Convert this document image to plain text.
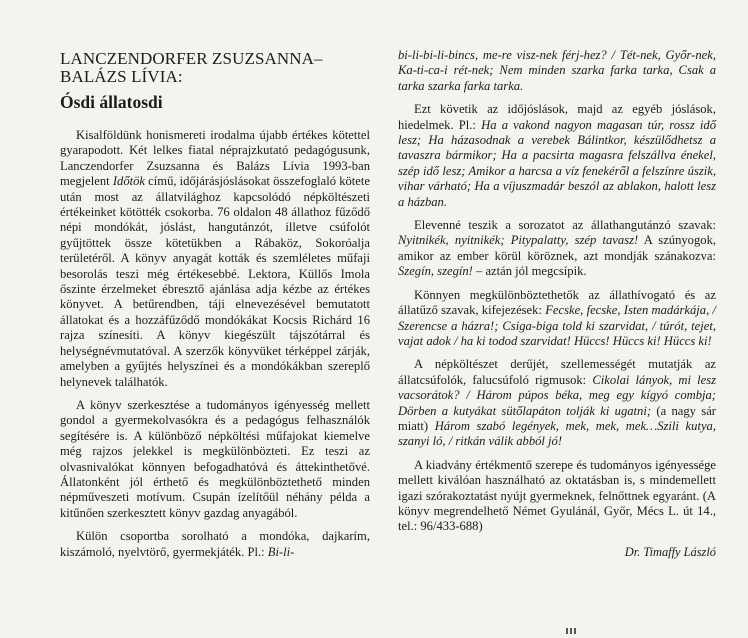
LANCZENDORFER ZSUZSANNA–
BALÁZS LÍVIA:
Ósdi állatosdi

Kisalföldünk honismereti irodalma újabb értékes kötettel gyarapodott. Két lelkes fiatal néprajzkutató pedagógusunk, Lanczendorfer Zsuzsanna és Balázs Lívia 1993-ban megjelent Időtök című, időjárásjóslásokat összefoglaló kötete után most az állatvilághoz kapcsolódó népköltészeti értékeinket kötötték csokorba. 76 oldalon 48 állathoz fűződő népi mondókát, jóslást, hangutánzót, illetve csúfolót gyűjtöttek össze kötetükben a Rábaköz, Sokoróalja területéről. A könyv anyagát kották és szemléletes műfaji besorolás teszi még értékesebbé. Lektora, Küllős Imola őszinte érzelmeket ébresztő ajánlása adja kézbe az értékes könyvet. A betűrendben, táji elnevezésével bemutatott állatokat és a hozzáfűződő mondókákat Kocsis Richárd 16 rajza színesíti. A könyv kiegészült tájszótárral és helységnévmutatóval. A szerzők könyvüket térképpel zárják, amelyben a gyűjtés helyszínei és a mondókákban szereplő helynevek találhatók.

A könyv szerkesztése a tudományos igényesség mellett gondol a gyermekolvasókra és a pedagógus felhasználók segítésére is. A különböző népköltési műfajokat kiemelve még rajzos jelekkel is megkülönbözteti. Ez teszi az olvasnivalókat könnyen befogadhatóvá és áttekinthetővé. Állatonként jól érthető és megkülönböztethető minden népműveszeti motívum. Csupán ízelítőül néhány példa a kitűnően szerkesztett könyv gazdag anyagából.

Külön csoportba sorolható a mondóka, dajkarím, kiszámoló, nyelvtörő, gyermekjáték. Pl.: Bi-li-

bi-li-bi-li-bincs, me-re visz-nek férj-hez? / Tét-nek, Győr-nek, Ka-ti-ca-i rét-nek; Nem minden szarka farka tarka, Csak a tarka szarka farka tarka.

Ezt követik az időjóslások, majd az egyéb jóslások, hiedelmek. Pl.: Ha a vakond nagyon magasan túr, rossz idő lesz; Ha házasodnak a verebek Bálintkor, készülődhetsz a tavaszra bármikor; Ha a pacsirta magasra felszállva énekel, szép idő lesz; Amikor a harcsa a víz fenekéről a felszínre úszik, vihar várható; Ha a víjuszmadár beszól az ablakon, halott lesz a házban.

Elevenné teszik a sorozatot az állathangutánzó szavak: Nyitnikék, nyitnikék; Pitypalatty, szép tavasz! A szúnyogok, amikor az ember körül köröznek, azt mondják szánakozva: Szegín, szegín! – aztán jól megcsípik.

Könnyen megkülönböztethetők az állathívogató és az állatűző szavak, kifejezések: Fecske, fecske, Isten madárkája, / Szerencse a házra!; Csiga-biga told ki szarvidat, / túrót, tejet, vajat adok / ha ki todod szarvidat! Hüccs! Hüccs ki! Hüccs ki!

A népköltészet derűjét, szellemességét mutatják az állatcsúfolók, falucsúfoló rigmusok: Cikolai lányok, mi lesz vacsorátok? / Három púpos béka, meg egy kígyó combja; Dörben a kutyákat sütőlapáton tolják ki ugatni; (a nagy sár miatt) Három szabó legények, mek, mek, mek…Szili kutya, szanyi ló, / ritkán válik abból jó!

A kiadvány értékmentő szerepe és tudományos igényessége mellett kiválóan használható az oktatásban is, s mindemellett igazi szórakoztatást nyújt gyermeknek, felnőttnek egyaránt. (A könyv megrendelhető Német Gyulánál, Győr, Mécs L. út 14., tel.: 96/433-688)

Dr. Timaffy László
